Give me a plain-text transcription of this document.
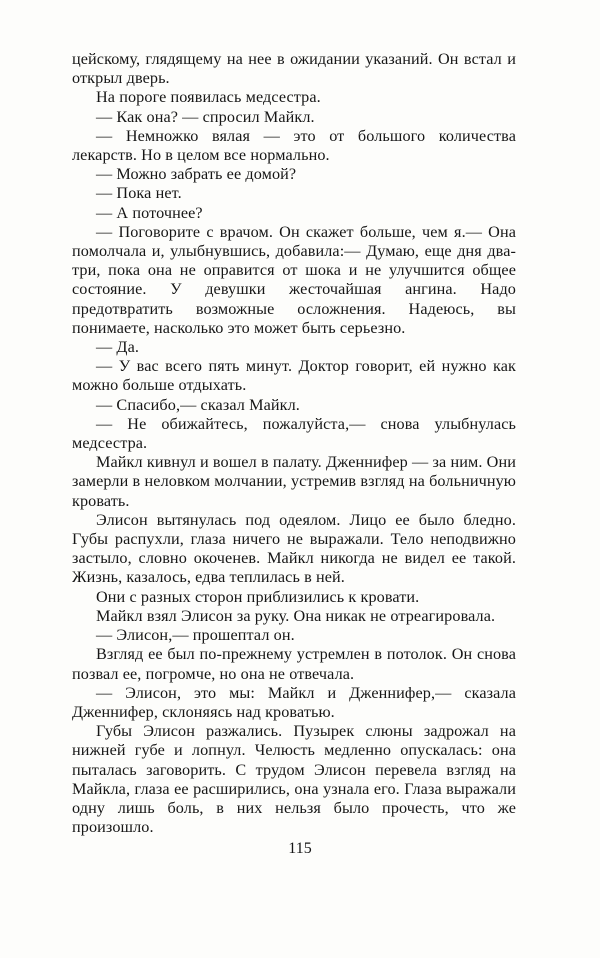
цейскому, глядящему на нее в ожидании указаний. Он встал и открыл дверь.

На пороге появилась медсестра.

— Как она? — спросил Майкл.

— Немножко вялая — это от большого количества лекарств. Но в целом все нормально.

— Можно забрать ее домой?

— Пока нет.

— А поточнее?

— Поговорите с врачом. Он скажет больше, чем я.— Она помолчала и, улыбнувшись, добавила:— Думаю, еще дня два-три, пока она не оправится от шока и не улучшится общее состояние. У девушки жесточайшая ангина. Надо предотвратить возможные осложнения. Надеюсь, вы понимаете, насколько это может быть серьезно.

— Да.

— У вас всего пять минут. Доктор говорит, ей нужно как можно больше отдыхать.

— Спасибо,— сказал Майкл.

— Не обижайтесь, пожалуйста,— снова улыбнулась медсестра.

Майкл кивнул и вошел в палату. Дженнифер — за ним. Они замерли в неловком молчании, устремив взгляд на больничную кровать.

Элисон вытянулась под одеялом. Лицо ее было бледно. Губы распухли, глаза ничего не выражали. Тело неподвижно застыло, словно окоченев. Майкл никогда не видел ее такой. Жизнь, казалось, едва теплилась в ней.

Они с разных сторон приблизились к кровати.

Майкл взял Элисон за руку. Она никак не отреагировала.

— Элисон,— прошептал он.

Взгляд ее был по-прежнему устремлен в потолок. Он снова позвал ее, погромче, но она не отвечала.

— Элисон, это мы: Майкл и Дженнифер,— сказала Дженнифер, склоняясь над кроватью.

Губы Элисон разжались. Пузырек слюны задрожал на нижней губе и лопнул. Челюсть медленно опускалась: она пыталась заговорить. С трудом Элисон перевела взгляд на Майкла, глаза ее расширились, она узнала его. Глаза выражали одну лишь боль, в них нельзя было прочесть, что же произошло.

115
